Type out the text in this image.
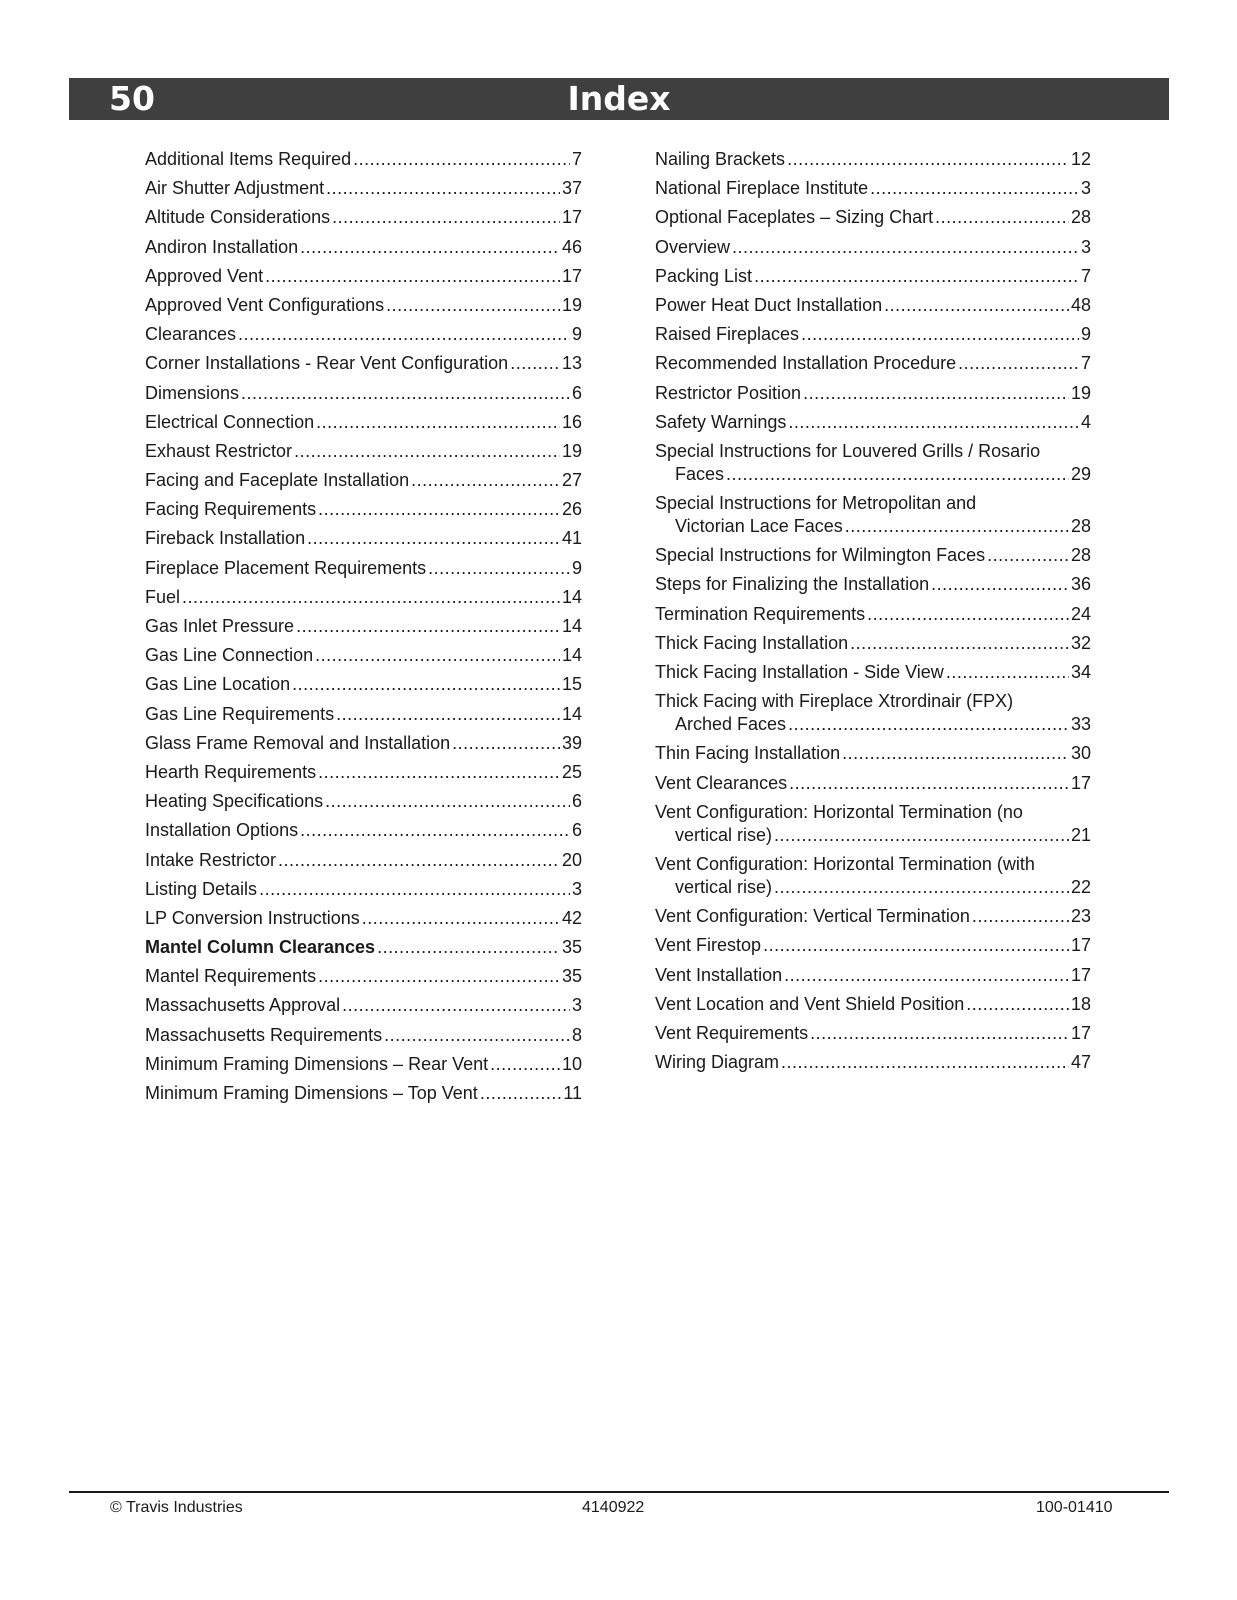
50	Index
Additional Items Required .....	7
Air Shutter Adjustment .....	37
Altitude Considerations .....	17
Andiron Installation .....	46
Approved Vent .....	17
Approved Vent Configurations .....	19
Clearances .....	9
Corner Installations - Rear Vent Configuration .....	13
Dimensions .....	6
Electrical Connection .....	16
Exhaust Restrictor .....	19
Facing and Faceplate Installation .....	27
Facing Requirements .....	26
Fireback Installation .....	41
Fireplace Placement Requirements .....	9
Fuel .....	14
Gas Inlet Pressure .....	14
Gas Line Connection .....	14
Gas Line Location .....	15
Gas Line Requirements .....	14
Glass Frame Removal and Installation .....	39
Hearth Requirements .....	25
Heating Specifications .....	6
Installation Options .....	6
Intake Restrictor .....	20
Listing Details .....	3
LP Conversion Instructions .....	42
Mantel Column Clearances .....	35
Mantel Requirements .....	35
Massachusetts Approval .....	3
Massachusetts Requirements .....	8
Minimum Framing Dimensions – Rear Vent .....	10
Minimum Framing Dimensions – Top Vent .....	11
Nailing Brackets .....	12
National Fireplace Institute .....	3
Optional Faceplates – Sizing Chart .....	28
Overview .....	3
Packing List .....	7
Power Heat Duct Installation .....	48
Raised Fireplaces .....	9
Recommended Installation Procedure .....	7
Restrictor Position .....	19
Safety Warnings .....	4
Special Instructions for Louvered Grills / Rosario
Faces .....	29
Special Instructions for Metropolitan and
Victorian Lace Faces .....	28
Special Instructions for Wilmington Faces .....	28
Steps for Finalizing the Installation .....	36
Termination Requirements .....	24
Thick Facing Installation .....	32
Thick Facing Installation - Side View .....	34
Thick Facing with Fireplace Xtrordinair (FPX)
Arched Faces .....	33
Thin Facing Installation .....	30
Vent Clearances .....	17
Vent Configuration: Horizontal Termination (no
vertical rise) .....	21
Vent Configuration: Horizontal Termination (with
vertical rise) .....	22
Vent Configuration: Vertical Termination .....	23
Vent Firestop .....	17
Vent Installation .....	17
Vent Location and Vent Shield Position .....	18
Vent Requirements .....	17
Wiring Diagram .....	47
© Travis Industries	4140922	100-01410
